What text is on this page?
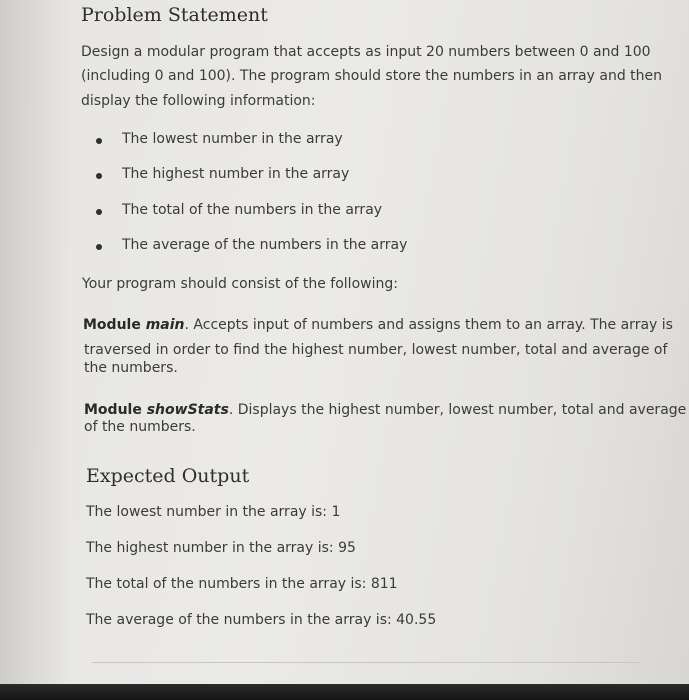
Problem Statement
Design a modular program that accepts as input 20 numbers between 0 and 100
(including 0 and 100). The program should store the numbers in an array and then
display the following information:
The lowest number in the array
The highest number in the array
The total of the numbers in the array
The average of the numbers in the array
Your program should consist of the following:
Module main. Accepts input of numbers and assigns them to an array. The array is
traversed in order to find the highest number, lowest number, total and average of
the numbers.
Module showStats. Displays the highest number, lowest number, total and average
of the numbers.
Expected Output
The lowest number in the array is: 1
The highest number in the array is: 95
The total of the numbers in the array is: 811
The average of the numbers in the array is: 40.55
